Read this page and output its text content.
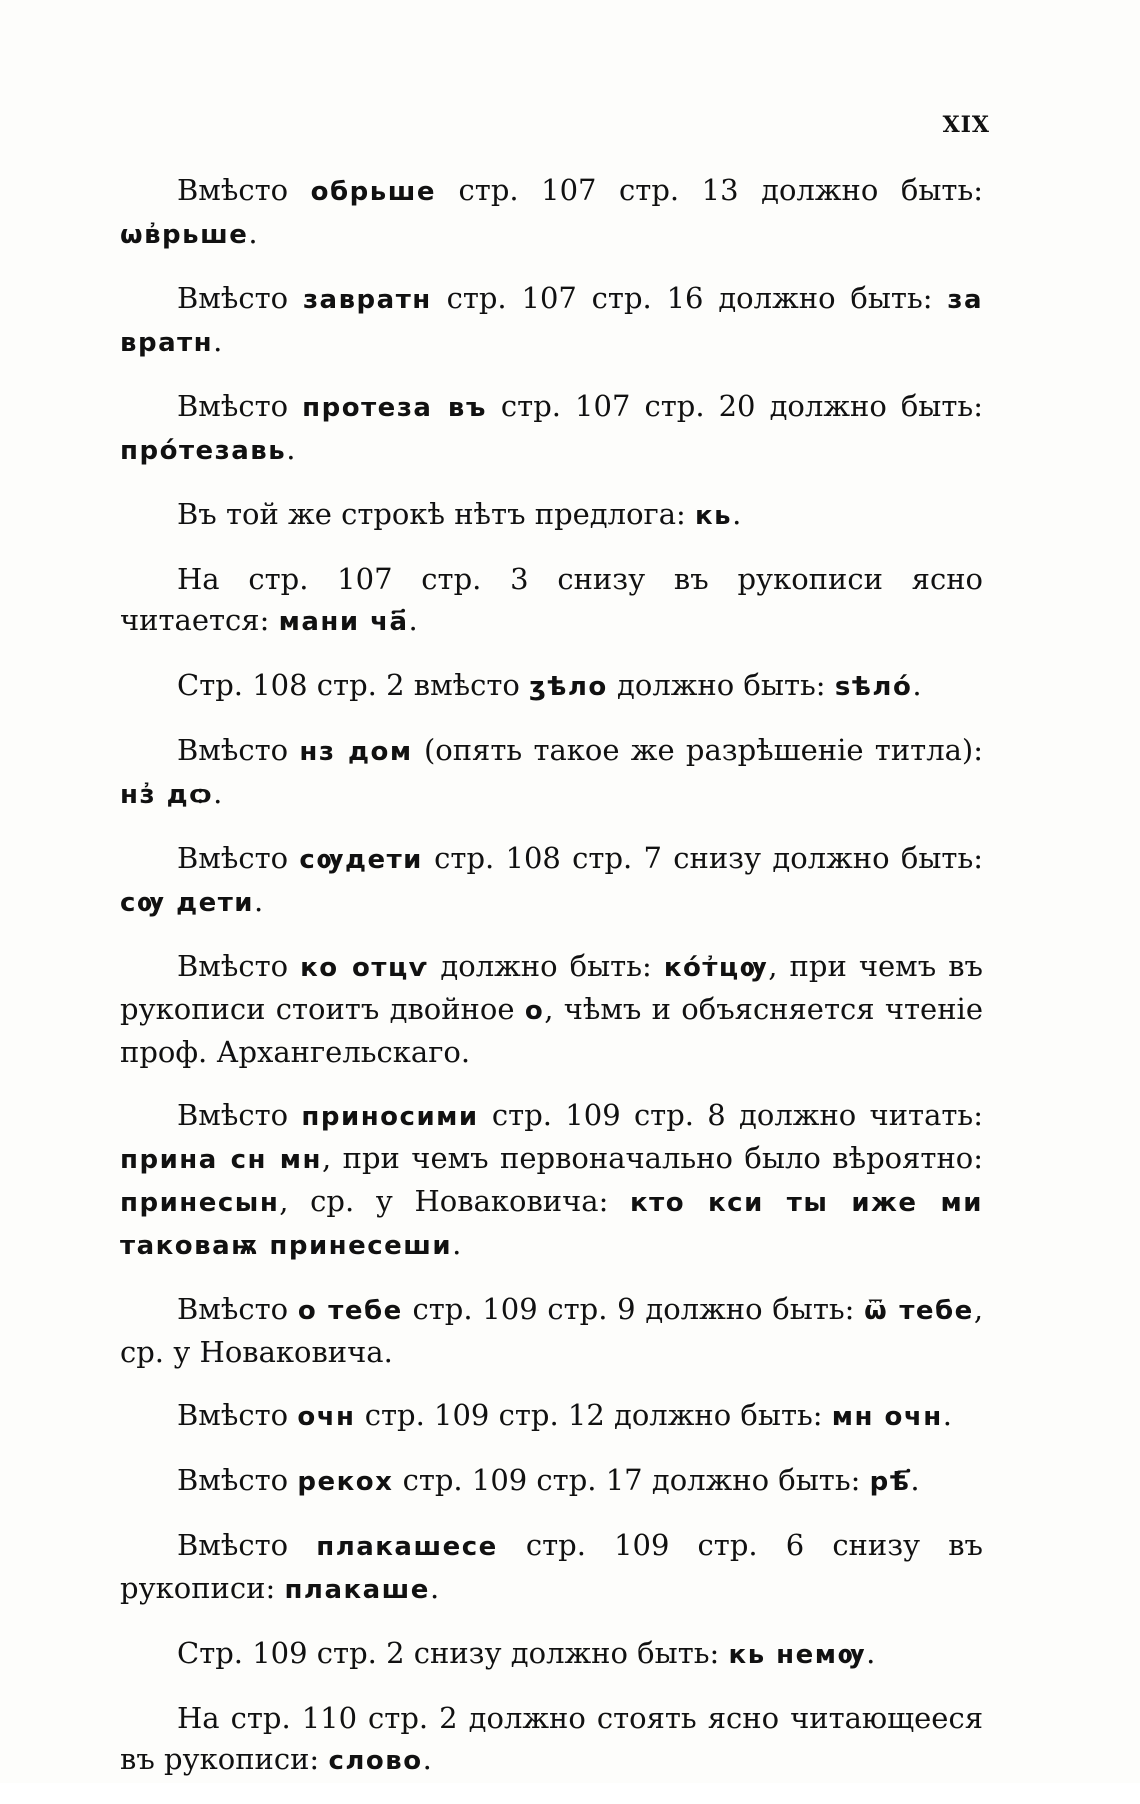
XIX

Вмѣсто обрьше стр. 107 стр. 13 должно быть: ѡв҆рьше.

Вмѣсто завратн стр. 107 стр. 16 должно быть: за вратн.

Вмѣсто протеза въ стр. 107 стр. 20 должно быть: про́тезавь.

Въ той же строкѣ нѣтъ предлога: кь.

На стр. 107 стр. 3 снизу въ рукописи ясно читается: мани ча҃.

Стр. 108 стр. 2 вмѣсто ʒѣло должно быть: ѕѣло́.

Вмѣсто нз дом (опять такое же разрѣшеніе титла): нз҆ дѻ.

Вмѣсто сѹдети стр. 108 стр. 7 снизу должно быть: сѹ дети.

Вмѣсто ко отцѵ должно быть: ко́т҆цѹ, при чемъ въ рукописи стоитъ двойное о, чѣмъ и объясняется чтеніе проф. Архангельскаго.

Вмѣсто приносими стр. 109 стр. 8 должно читать: прина сн мн, при чемъ первоначально было вѣроятно: принесын, ср. у Новаковича: кто кси ты иже ми таковаѭ принесеши.

Вмѣсто о тебе стр. 109 стр. 9 должно быть: ѿ тебе, ср. у Новаковича.

Вмѣсто очн стр. 109 стр. 12 должно быть: мн очн.

Вмѣсто рекох стр. 109 стр. 17 должно быть: рѣ҃.

Вмѣсто плакашесе стр. 109 стр. 6 снизу въ рукописи: плакаше.

Стр. 109 стр. 2 снизу должно быть: кь немѹ.

На стр. 110 стр. 2 должно стоять ясно читающееся въ рукописи: слово.
